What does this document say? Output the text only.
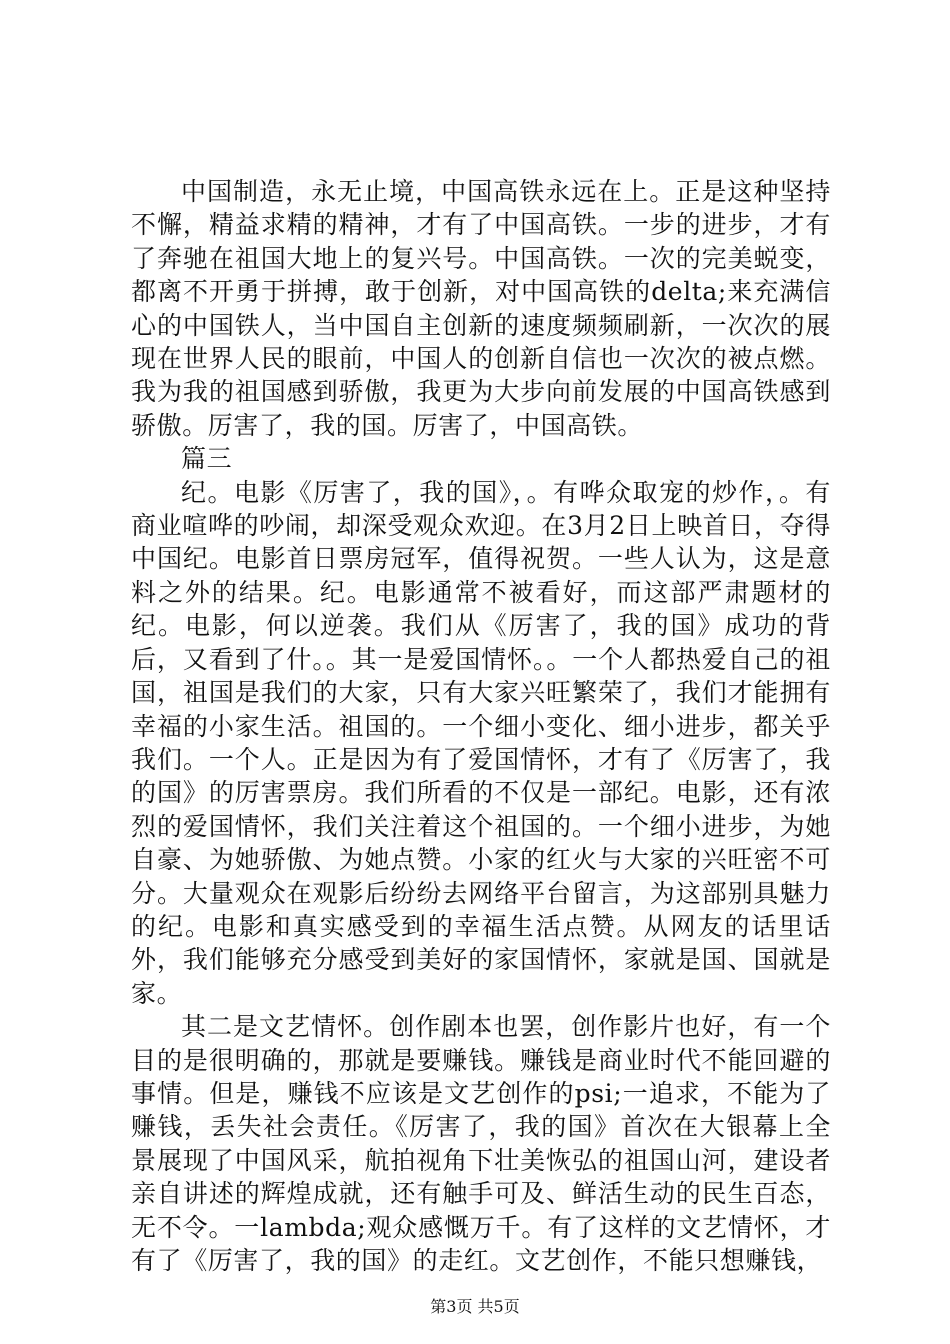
中国制造，永无止境，中国高铁永远在上。正是这种坚持不懈，精益求精的精神，才有了中国高铁。一步的进步，才有了奔驰在祖国大地上的复兴号。中国高铁。一次的完美蜕变，都离不开勇于拼搏，敢于创新，对中国高铁的delta;来充满信心的中国铁人，当中国自主创新的速度频频刷新，一次次的展现在世界人民的眼前，中国人的创新自信也一次次的被点燃。我为我的祖国感到骄傲，我更为大步向前发展的中国高铁感到骄傲。厉害了，我的国。厉害了，中国高铁。

篇三

纪。电影《厉害了，我的国》，。有哗众取宠的炒作，。有商业喧哗的吵闹，却深受观众欢迎。在3月2日上映首日，夺得中国纪。电影首日票房冠军，值得祝贺。一些人认为，这是意料之外的结果。纪。电影通常不被看好，而这部严肃题材的纪。电影，何以逆袭。我们从《厉害了，我的国》成功的背后，又看到了什。。其一是爱国情怀。。一个人都热爱自己的祖国，祖国是我们的大家，只有大家兴旺繁荣了，我们才能拥有幸福的小家生活。祖国的。一个细小变化、细小进步，都关乎我们。一个人。正是因为有了爱国情怀，才有了《厉害了，我的国》的厉害票房。我们所看的不仅是一部纪。电影，还有浓烈的爱国情怀，我们关注着这个祖国的。一个细小进步，为她自豪、为她骄傲、为她点赞。小家的红火与大家的兴旺密不可分。大量观众在观影后纷纷去网络平台留言，为这部别具魅力的纪。电影和真实感受到的幸福生活点赞。从网友的话里话外，我们能够充分感受到美好的家国情怀，家就是国、国就是家。

其二是文艺情怀。创作剧本也罢，创作影片也好，有一个目的是很明确的，那就是要赚钱。赚钱是商业时代不能回避的事情。但是，赚钱不应该是文艺创作的psi;一追求，不能为了赚钱，丢失社会责任。《厉害了，我的国》首次在大银幕上全景展现了中国风采，航拍视角下壮美恢弘的祖国山河，建设者亲自讲述的辉煌成就，还有触手可及、鲜活生动的民生百态，无不令。一lambda;观众感慨万千。有了这样的文艺情怀，才有了《厉害了，我的国》的走红。文艺创作，不能只想赚钱，

第3页 共5页
